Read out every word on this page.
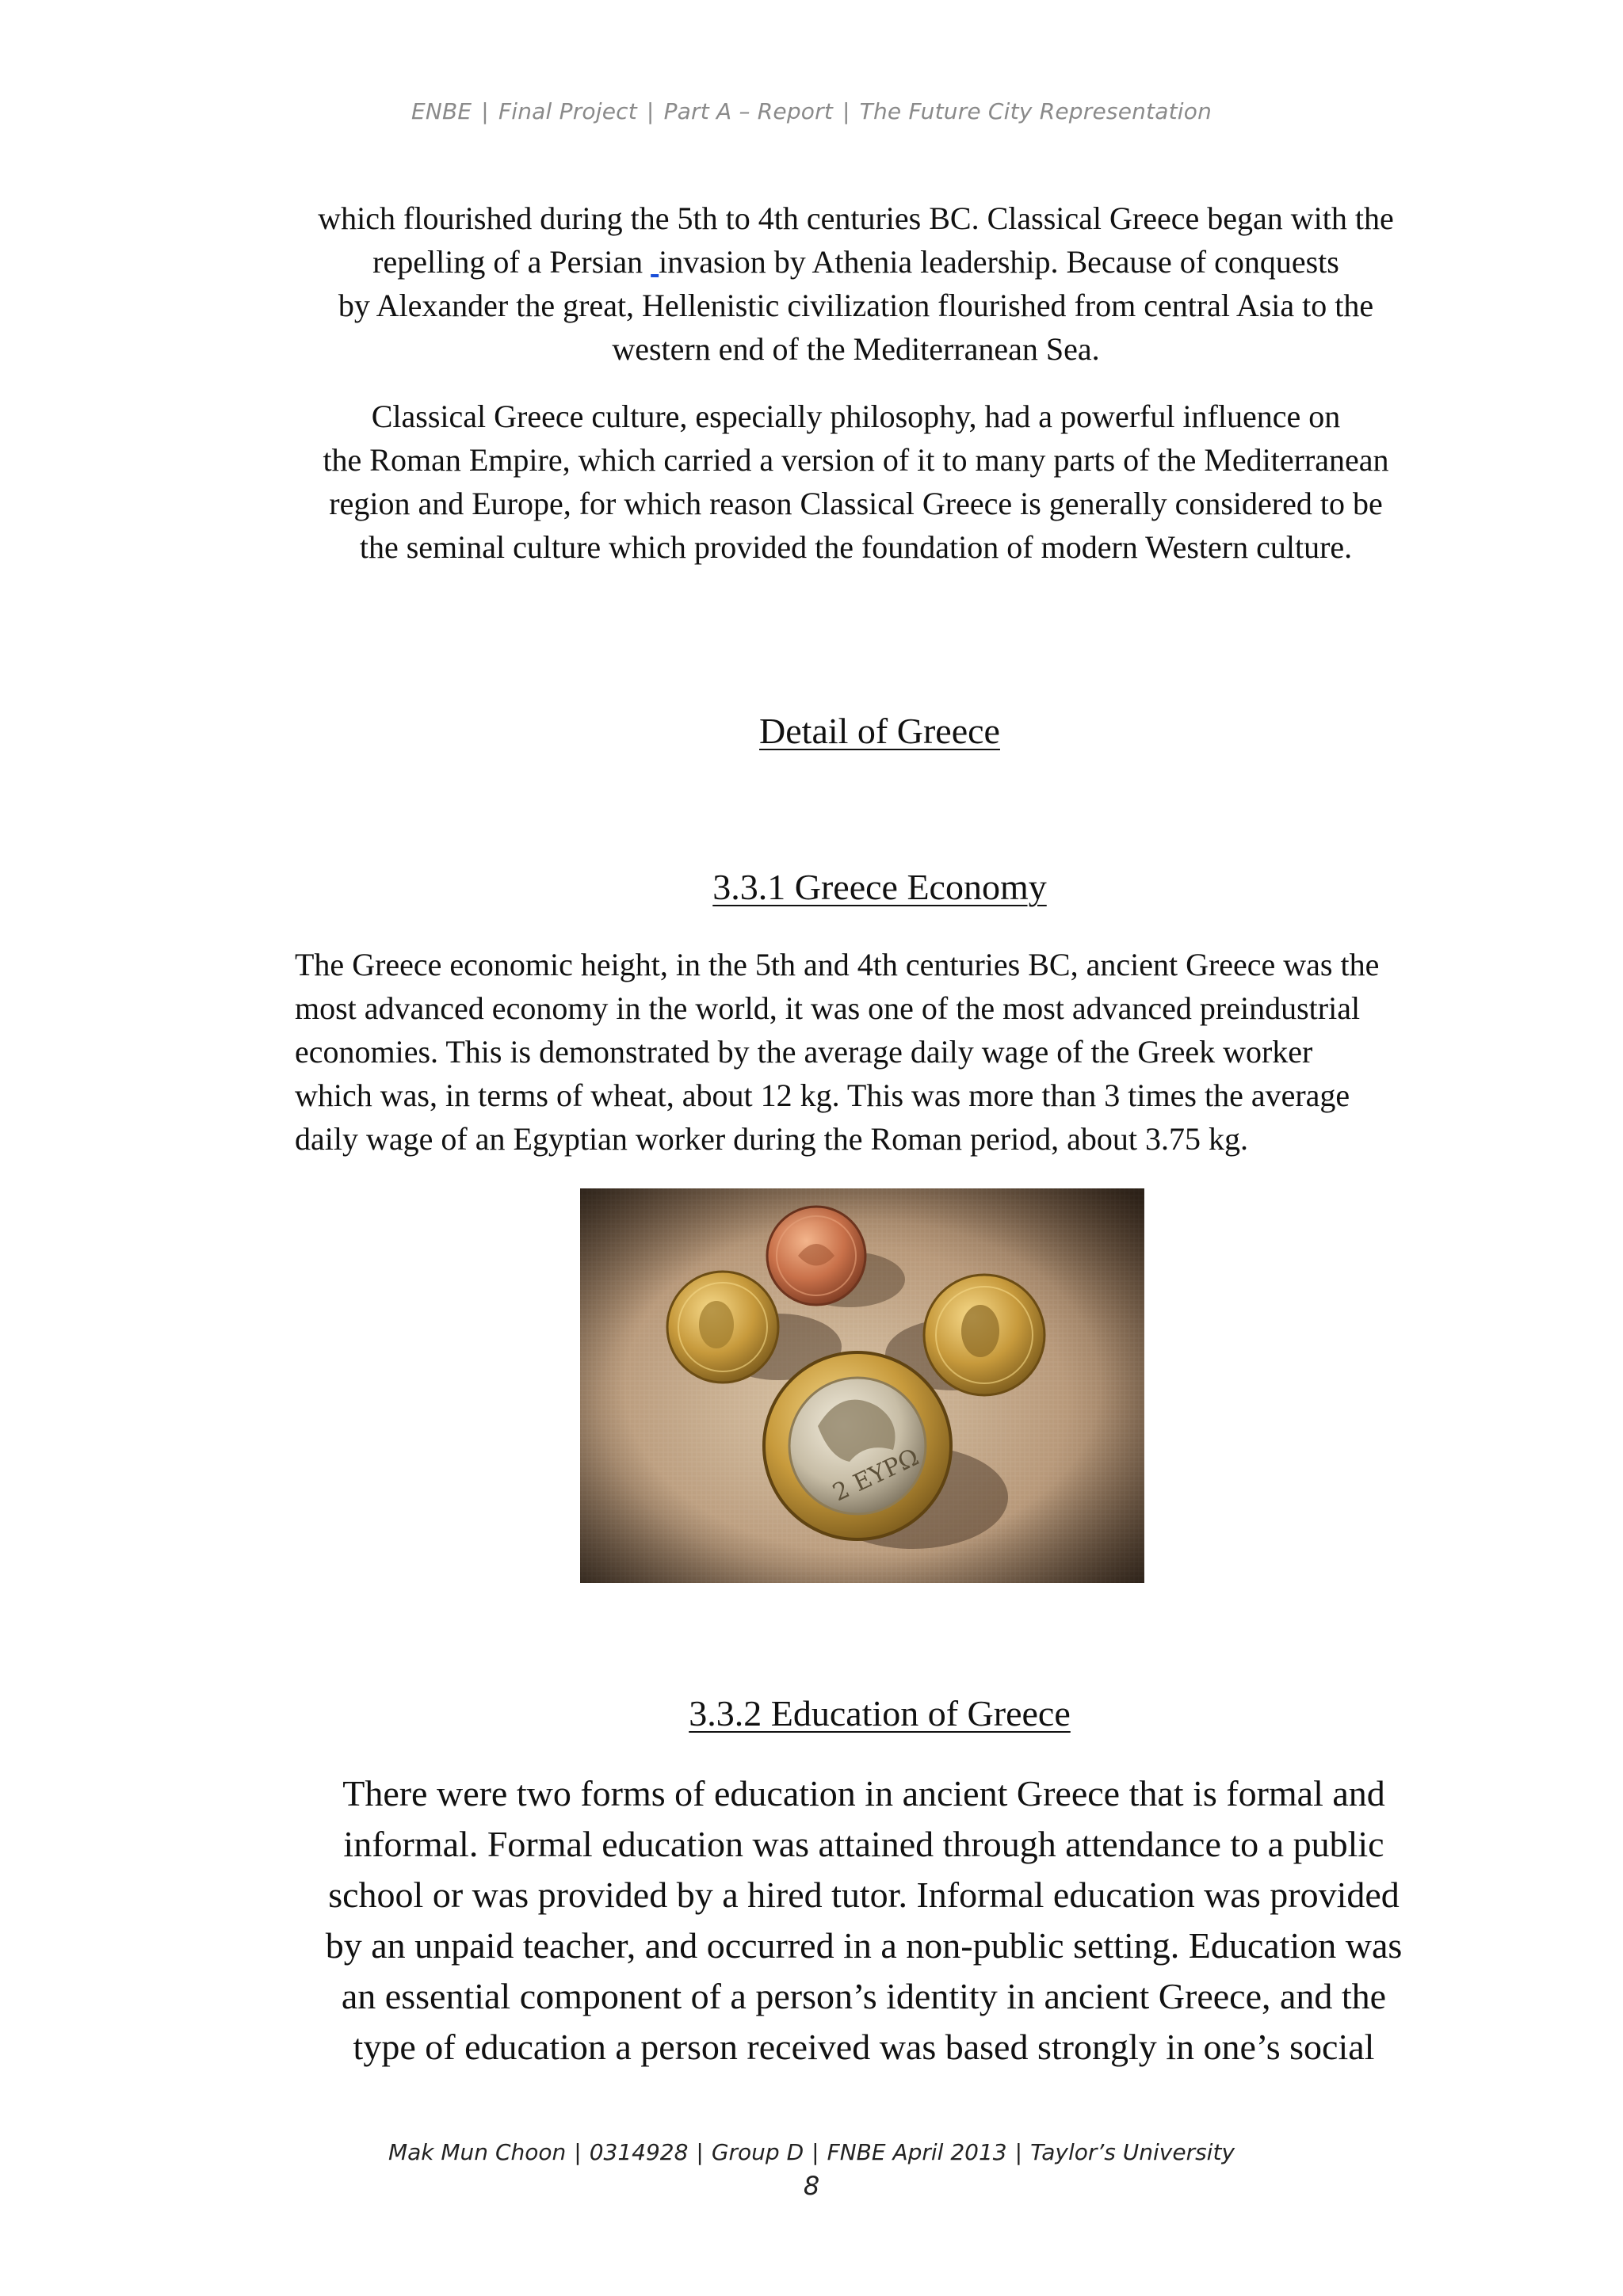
ENBE | Final Project | Part A – Report | The Future City Representation
which flourished during the 5th to 4th centuries BC. Classical Greece began with the
repelling of a Persian ​ invasion by Athenia leadership. Because of conquests
by Alexander the great, Hellenistic civilization flourished from central Asia to the
western end of the Mediterranean Sea.
Classical Greece culture, especially philosophy, had a powerful influence on
the Roman Empire, which carried a version of it to many parts of the Mediterranean
region and Europe, for which reason Classical Greece is generally considered to be
the seminal culture which provided the foundation of modern Western culture.
Detail of Greece
3.3.1 Greece Economy
The Greece economic height, in the 5th and 4th centuries BC, ancient Greece was the
most advanced economy in the world, it was one of the most advanced preindustrial
economies. This is demonstrated by the average daily wage of the Greek worker
which was, in terms of wheat, about 12 kg. This was more than 3 times the average
daily wage of an Egyptian worker during the Roman period, about 3.75 kg.
3.3.2 Education of Greece
There were two forms of education in ancient Greece that is formal and
informal. Formal education was attained through attendance to a public
school or was provided by a hired tutor. Informal education was provided
by an unpaid teacher, and occurred in a non-public setting. Education was
an essential component of a person’s identity in ancient Greece, and the
type of education a person received was based strongly in one’s social
Mak Mun Choon | 0314928 | Group D | FNBE April 2013 | Taylor’s University
8
